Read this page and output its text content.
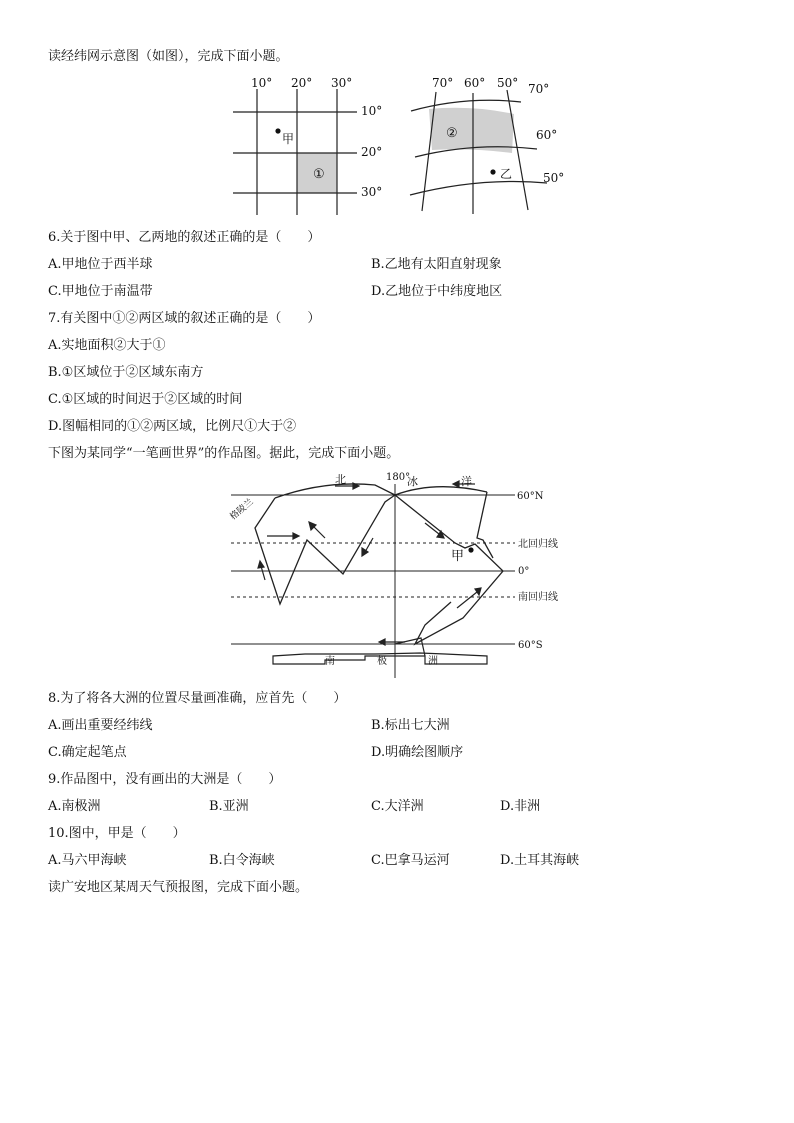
读经纬网示意图（如图），完成下面小题。
10° 20° 30°
10°
20°
30°
甲
①
70° 60° 50° 70°
60°
50°
②
乙
6.关于图中甲、乙两地的叙述正确的是（　　）
A.甲地位于西半球	B.乙地有太阳直射现象
C.甲地位于南温带	D.乙地位于中纬度地区
7.有关图中①②两区域的叙述正确的是（　　）
A.实地面积②大于①
B.①区域位于②区域东南方
C.①区域的时间迟于②区域的时间
D.图幅相同的①②两区域，比例尺①大于②
下图为某同学“一笔画世界”的作品图。据此，完成下面小题。
180°
60°N
北回归线
0°
南回归线
60°S
北	冰	洋
南	极	洲
格陵兰
甲
8.为了将各大洲的位置尽量画准确，应首先（　　）
A.画出重要经纬线	B.标出七大洲
C.确定起笔点	D.明确绘图顺序
9.作品图中，没有画出的大洲是（　　）
A.南极洲	B.亚洲	C.大洋洲	D.非洲
10.图中，甲是（　　）
A.马六甲海峡	B.白令海峡	C.巴拿马运河	D.土耳其海峡
读广安地区某周天气预报图，完成下面小题。
